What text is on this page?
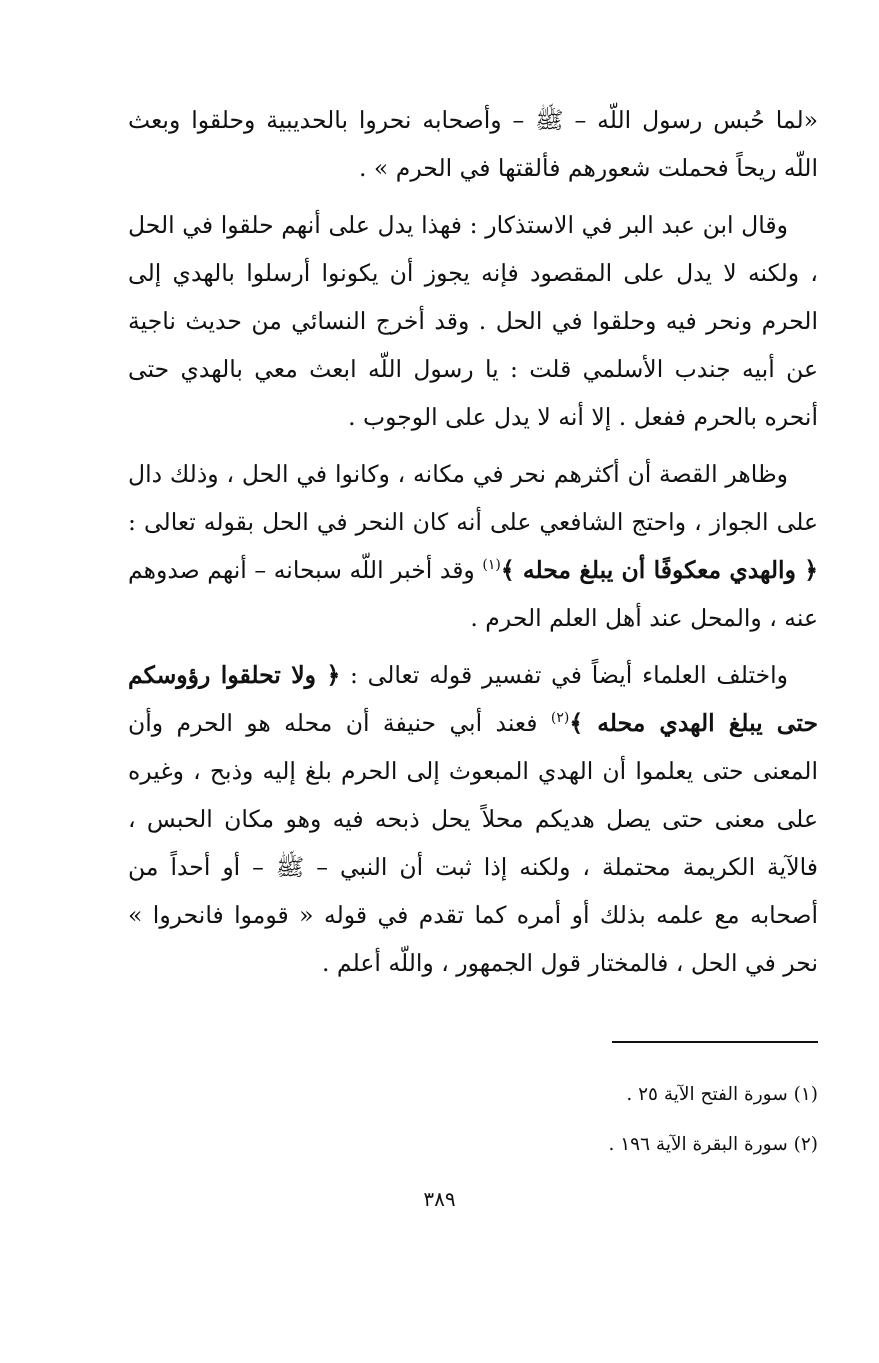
«لما حُبس رسول اللّه – ﷺ – وأصحابه نحروا بالحديبية وحلقوا وبعث اللّه ريحاً فحملت شعورهم فألقتها في الحرم » .

وقال ابن عبد البر في الاستذكار : فهذا يدل على أنهم حلقوا في الحل ، ولكنه لا يدل على المقصود فإنه يجوز أن يكونوا أرسلوا بالهدي إلى الحرم ونحر فيه وحلقوا في الحل . وقد أخرج النسائي من حديث ناجية عن أبيه جندب الأسلمي قلت : يا رسول اللّه ابعث معي بالهدي حتى أنحره بالحرم ففعل . إلا أنه لا يدل على الوجوب .

وظاهر القصة أن أكثرهم نحر في مكانه ، وكانوا في الحل ، وذلك دال على الجواز ، واحتج الشافعي على أنه كان النحر في الحل بقوله تعالى : ﴿ والهدي معكوفًا أن يبلغ محله ﴾$^{(١)}$ وقد أخبر اللّه سبحانه – أنهم صدوهم عنه ، والمحل عند أهل العلم الحرم .

واختلف العلماء أيضاً في تفسير قوله تعالى : ﴿ ولا تحلقوا رؤوسكم حتى يبلغ الهدي محله ﴾$^{(٢)}$ فعند أبي حنيفة أن محله هو الحرم وأن المعنى حتى يعلموا أن الهدي المبعوث إلى الحرم بلغ إليه وذبح ، وغيره على معنى حتى يصل هديكم محلاً يحل ذبحه فيه وهو مكان الحبس ، فالآية الكريمة محتملة ، ولكنه إذا ثبت أن النبي – ﷺ – أو أحداً من أصحابه مع علمه بذلك أو أمره كما تقدم في قوله « قوموا فانحروا » نحر في الحل ، فالمختار قول الجمهور ، واللّه أعلم .

(١) سورة الفتح الآية ٢٥ .
(٢) سورة البقرة الآية ١٩٦ .
٣٨٩
